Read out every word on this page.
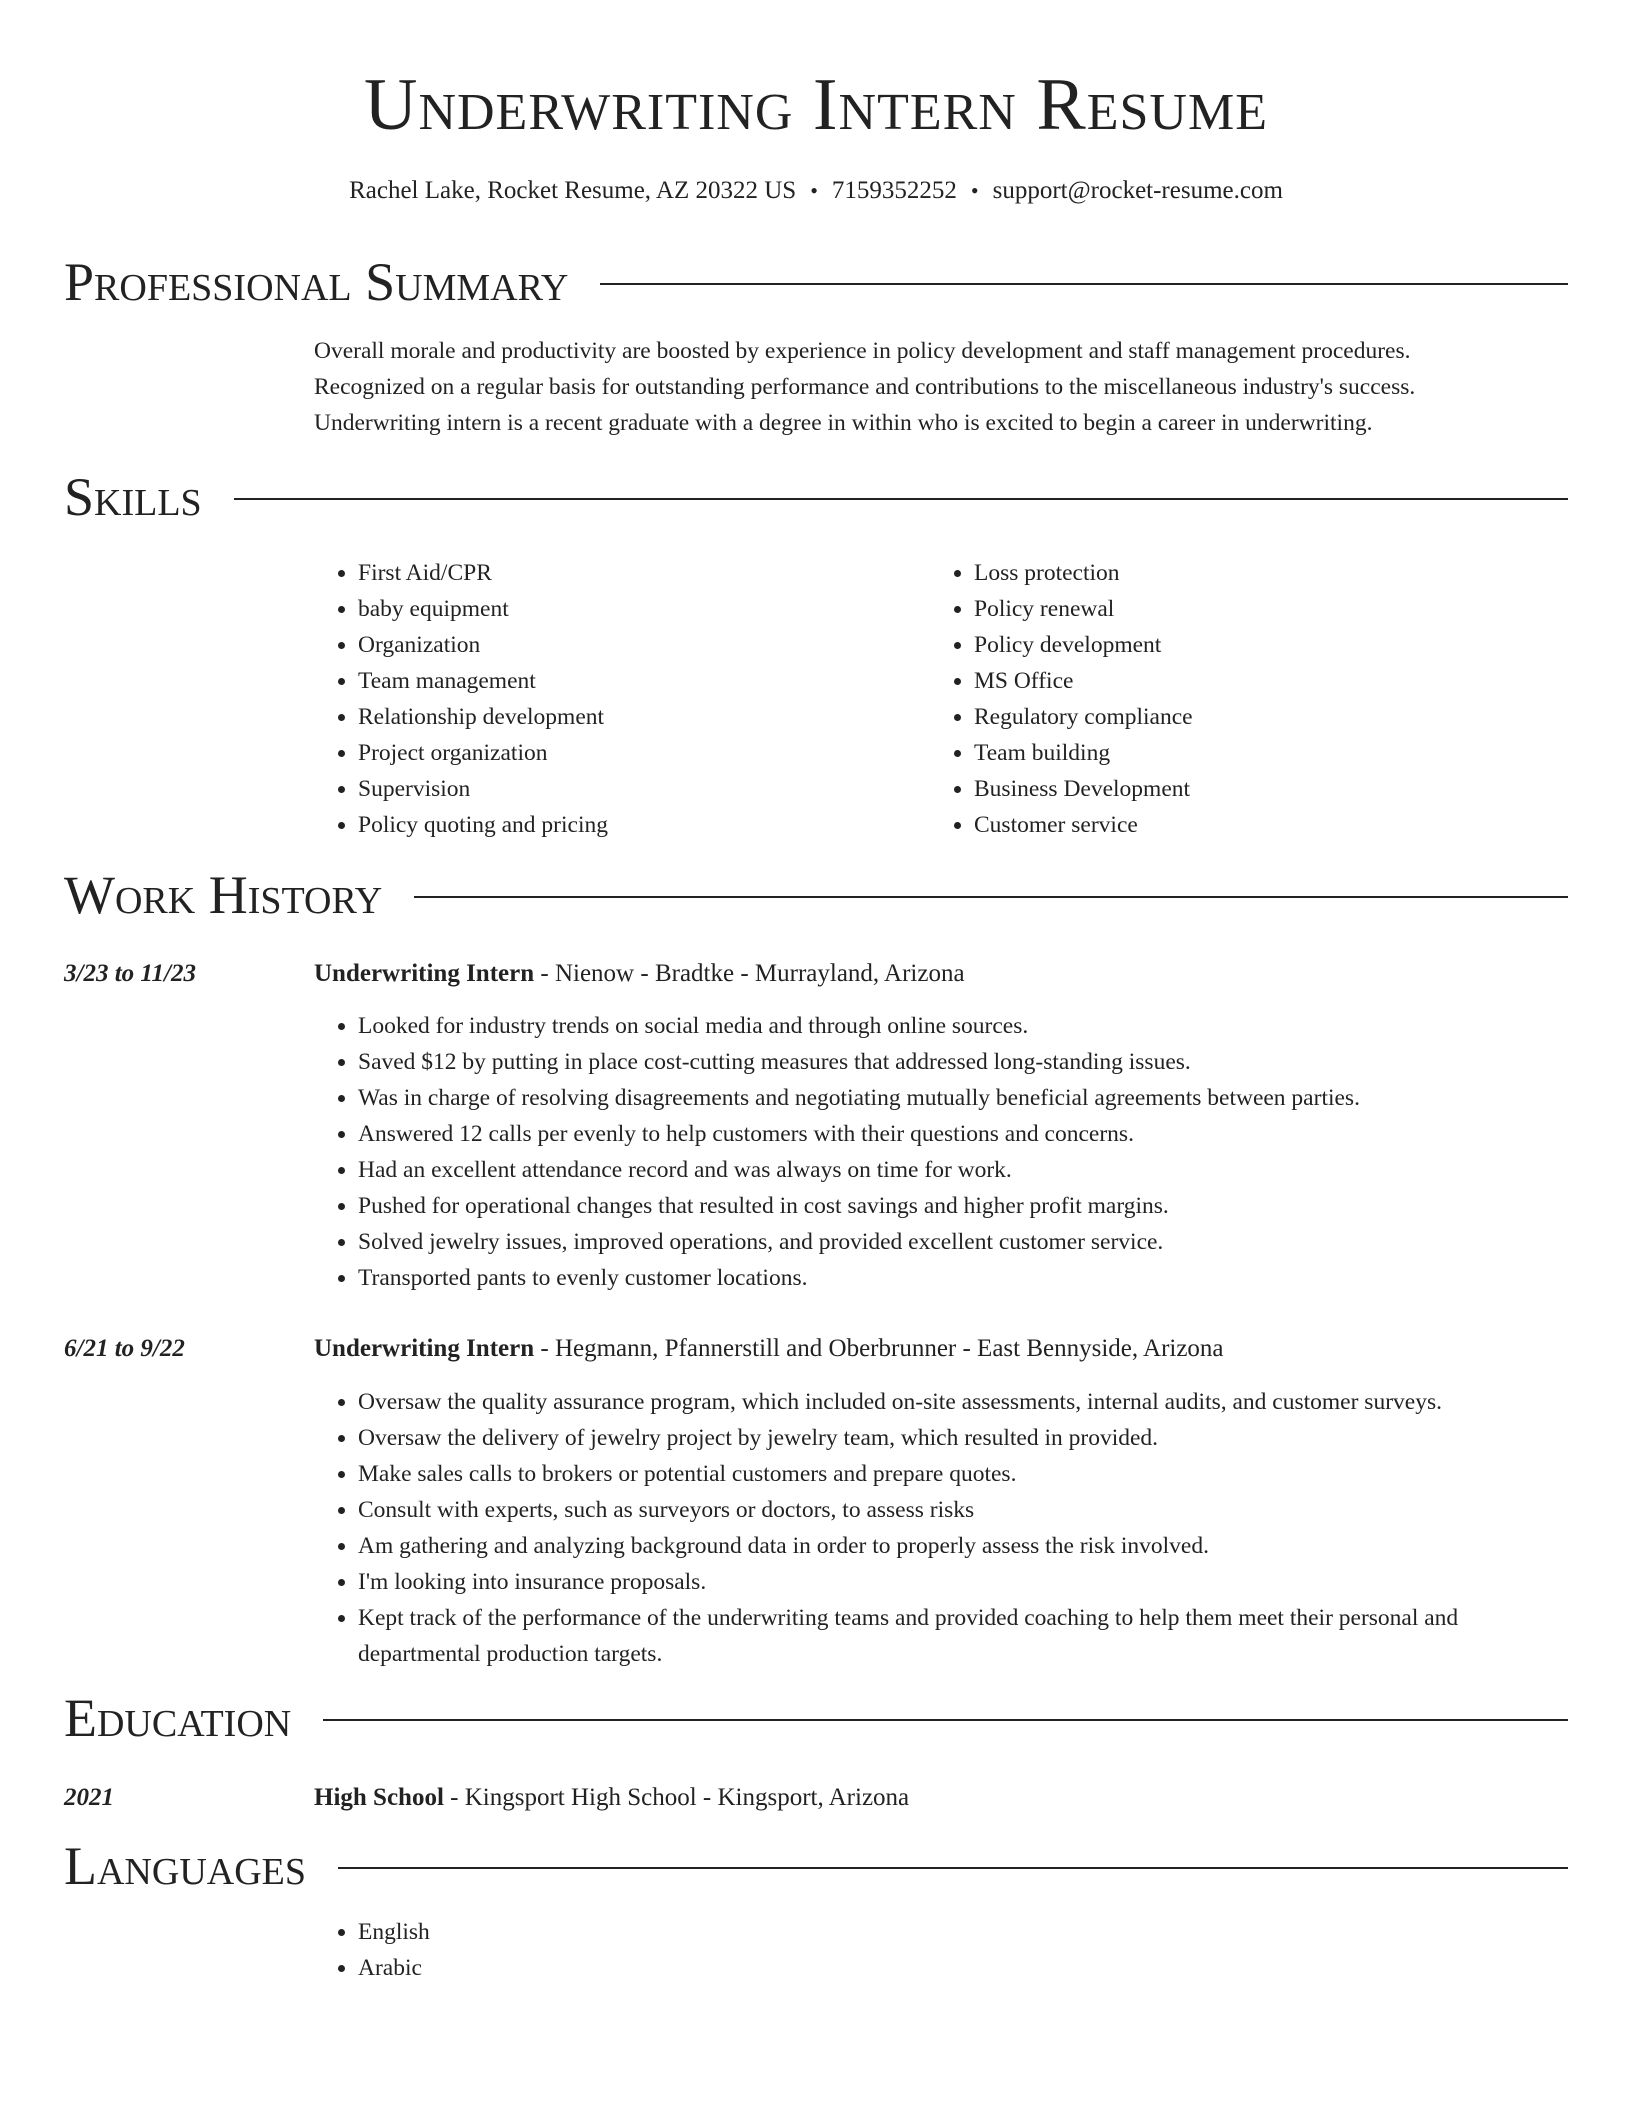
Underwriting Intern Resume
Rachel Lake, Rocket Resume, AZ 20322 US • 7159352252 • support@rocket-resume.com
Professional Summary

Overall morale and productivity are boosted by experience in policy development and staff management procedures.

Recognized on a regular basis for outstanding performance and contributions to the miscellaneous industry's success.

Underwriting intern is a recent graduate with a degree in within who is excited to begin a career in underwriting.

Skills
• First Aid/CPR
• baby equipment
• Organization
• Team management
• Relationship development
• Project organization
• Supervision
• Policy quoting and pricing
• Loss protection
• Policy renewal
• Policy development
• MS Office
• Regulatory compliance
• Team building
• Business Development
• Customer service
Work History
3/23 to 11/23	Underwriting Intern - Nienow - Bradtke - Murrayland, Arizona
• Looked for industry trends on social media and through online sources.
• Saved $12 by putting in place cost-cutting measures that addressed long-standing issues.
• Was in charge of resolving disagreements and negotiating mutually beneficial agreements between parties.
• Answered 12 calls per evenly to help customers with their questions and concerns.
• Had an excellent attendance record and was always on time for work.
• Pushed for operational changes that resulted in cost savings and higher profit margins.
• Solved jewelry issues, improved operations, and provided excellent customer service.
• Transported pants to evenly customer locations.
6/21 to 9/22	Underwriting Intern - Hegmann, Pfannerstill and Oberbrunner - East Bennyside, Arizona
• Oversaw the quality assurance program, which included on-site assessments, internal audits, and customer surveys.
• Oversaw the delivery of jewelry project by jewelry team, which resulted in provided.
• Make sales calls to brokers or potential customers and prepare quotes.
• Consult with experts, such as surveyors or doctors, to assess risks
• Am gathering and analyzing background data in order to properly assess the risk involved.
• I'm looking into insurance proposals.
• Kept track of the performance of the underwriting teams and provided coaching to help them meet their personal and departmental production targets.
Education
2021	High School - Kingsport High School - Kingsport, Arizona
Languages
• English
• Arabic
